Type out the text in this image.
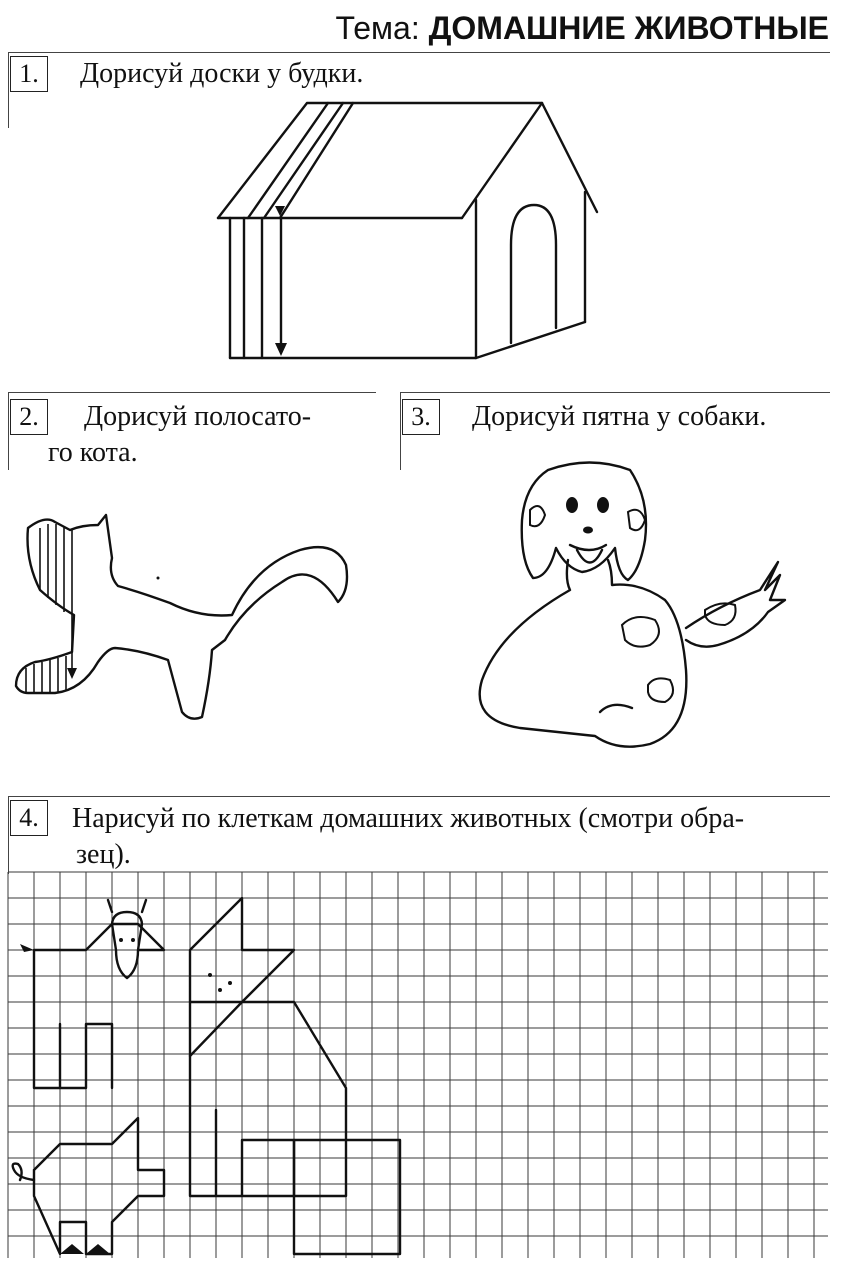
Тема: ДОМАШНИЕ ЖИВОТНЫЕ
1.	Дорисуй доски у будки.
2.	Дорисуй полосато-
го кота.
3.	Дорисуй пятна у собаки.
4.	Нарисуй по клеткам домашних животных (смотри обра-
зец).
